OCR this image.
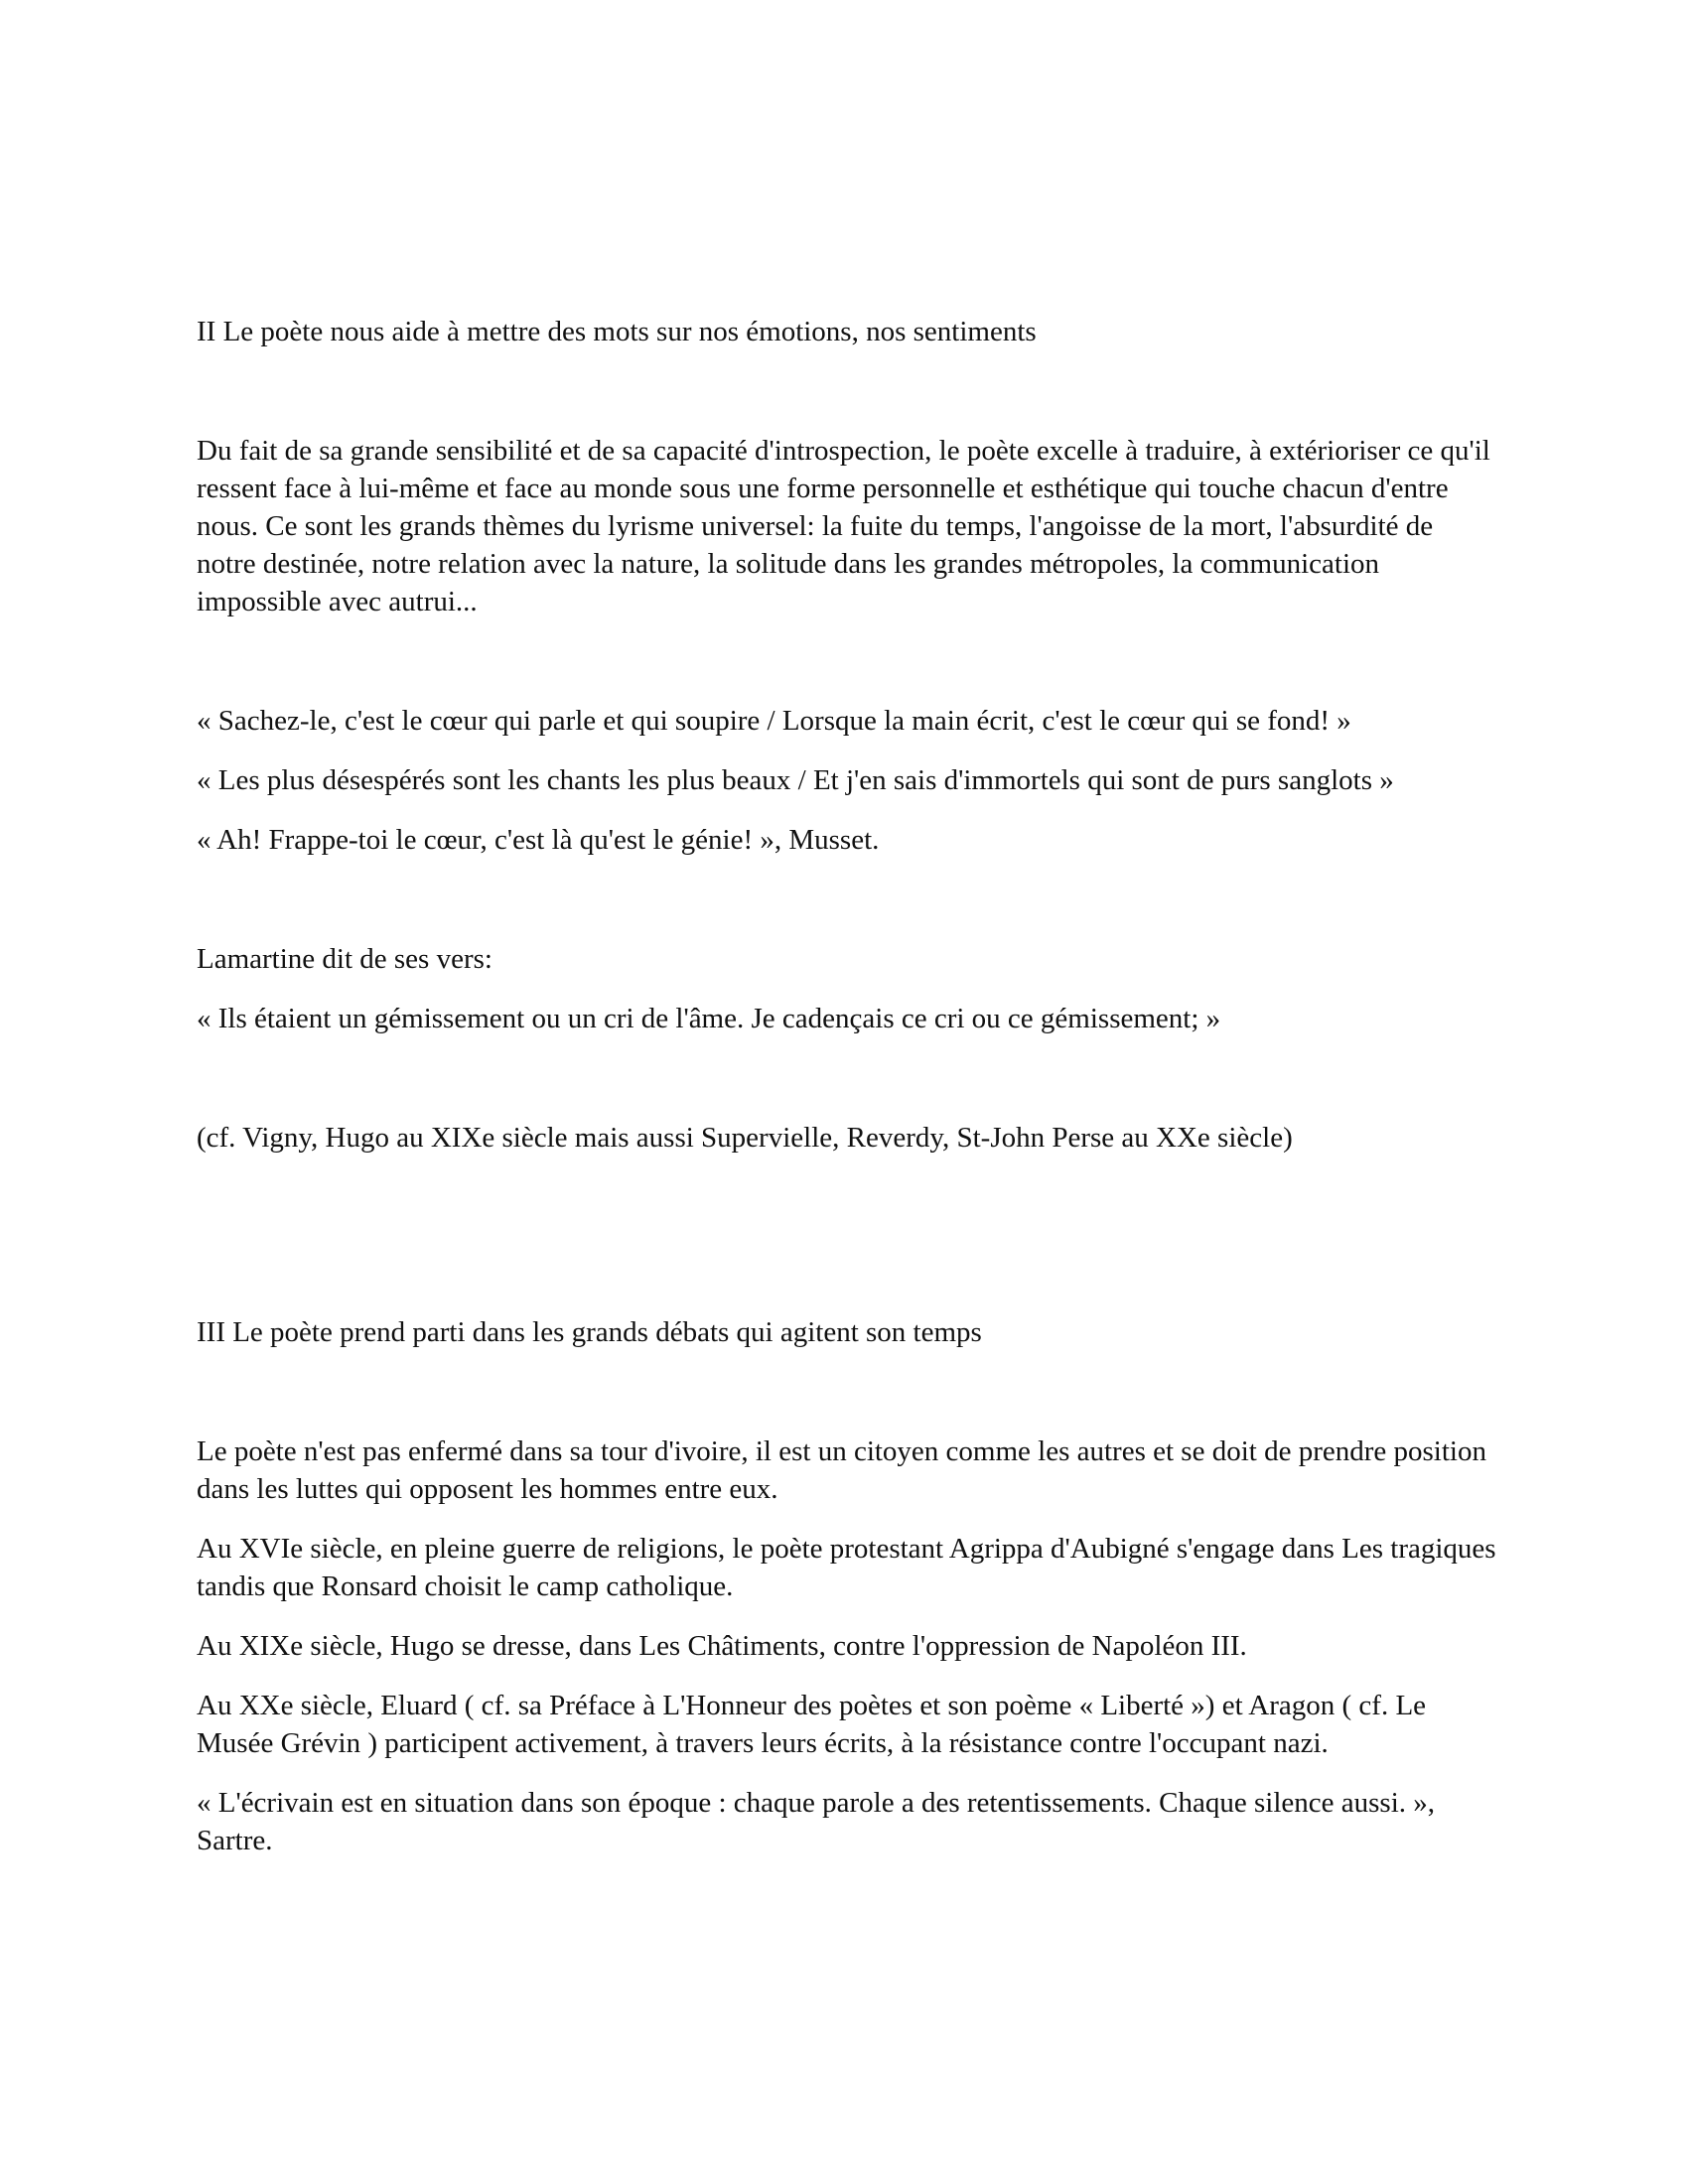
II Le poète nous aide à mettre des mots sur nos émotions, nos sentiments

Du fait de sa grande sensibilité et de sa capacité d'introspection, le poète excelle à traduire, à extérioriser ce qu'il ressent face à lui-même et face au monde sous une forme personnelle et esthétique qui touche chacun d'entre nous. Ce sont les grands thèmes du lyrisme universel: la fuite du temps, l'angoisse de la mort, l'absurdité de notre destinée, notre relation avec la nature, la solitude dans les grandes métropoles, la communication impossible avec autrui...

« Sachez-le, c'est le cœur qui parle et qui soupire / Lorsque la main écrit, c'est le cœur qui se fond! »

« Les plus désespérés sont les chants les plus beaux / Et j'en sais d'immortels qui sont de purs sanglots »

« Ah! Frappe-toi le cœur, c'est là qu'est le génie! », Musset.

Lamartine dit de ses vers:

« Ils étaient un gémissement ou un cri de l'âme. Je cadençais ce cri ou ce gémissement; »

(cf. Vigny, Hugo au XIXe siècle mais aussi Supervielle, Reverdy, St-John Perse au XXe siècle)

III Le poète prend parti dans les grands débats qui agitent son temps

Le poète n'est pas enfermé dans sa tour d'ivoire, il est un citoyen comme les autres et se doit de prendre position dans les luttes qui opposent les hommes entre eux.

Au XVIe siècle, en pleine guerre de religions, le poète protestant Agrippa d'Aubigné s'engage dans Les tragiques tandis que Ronsard choisit le camp catholique.

Au XIXe siècle, Hugo se dresse, dans Les Châtiments, contre l'oppression de Napoléon III.

Au XXe siècle, Eluard ( cf. sa Préface à L'Honneur des poètes et son poème « Liberté ») et Aragon ( cf. Le Musée Grévin ) participent activement, à travers leurs écrits, à la résistance contre l'occupant nazi.

« L'écrivain est en situation dans son époque : chaque parole a des retentissements. Chaque silence aussi. », Sartre.
